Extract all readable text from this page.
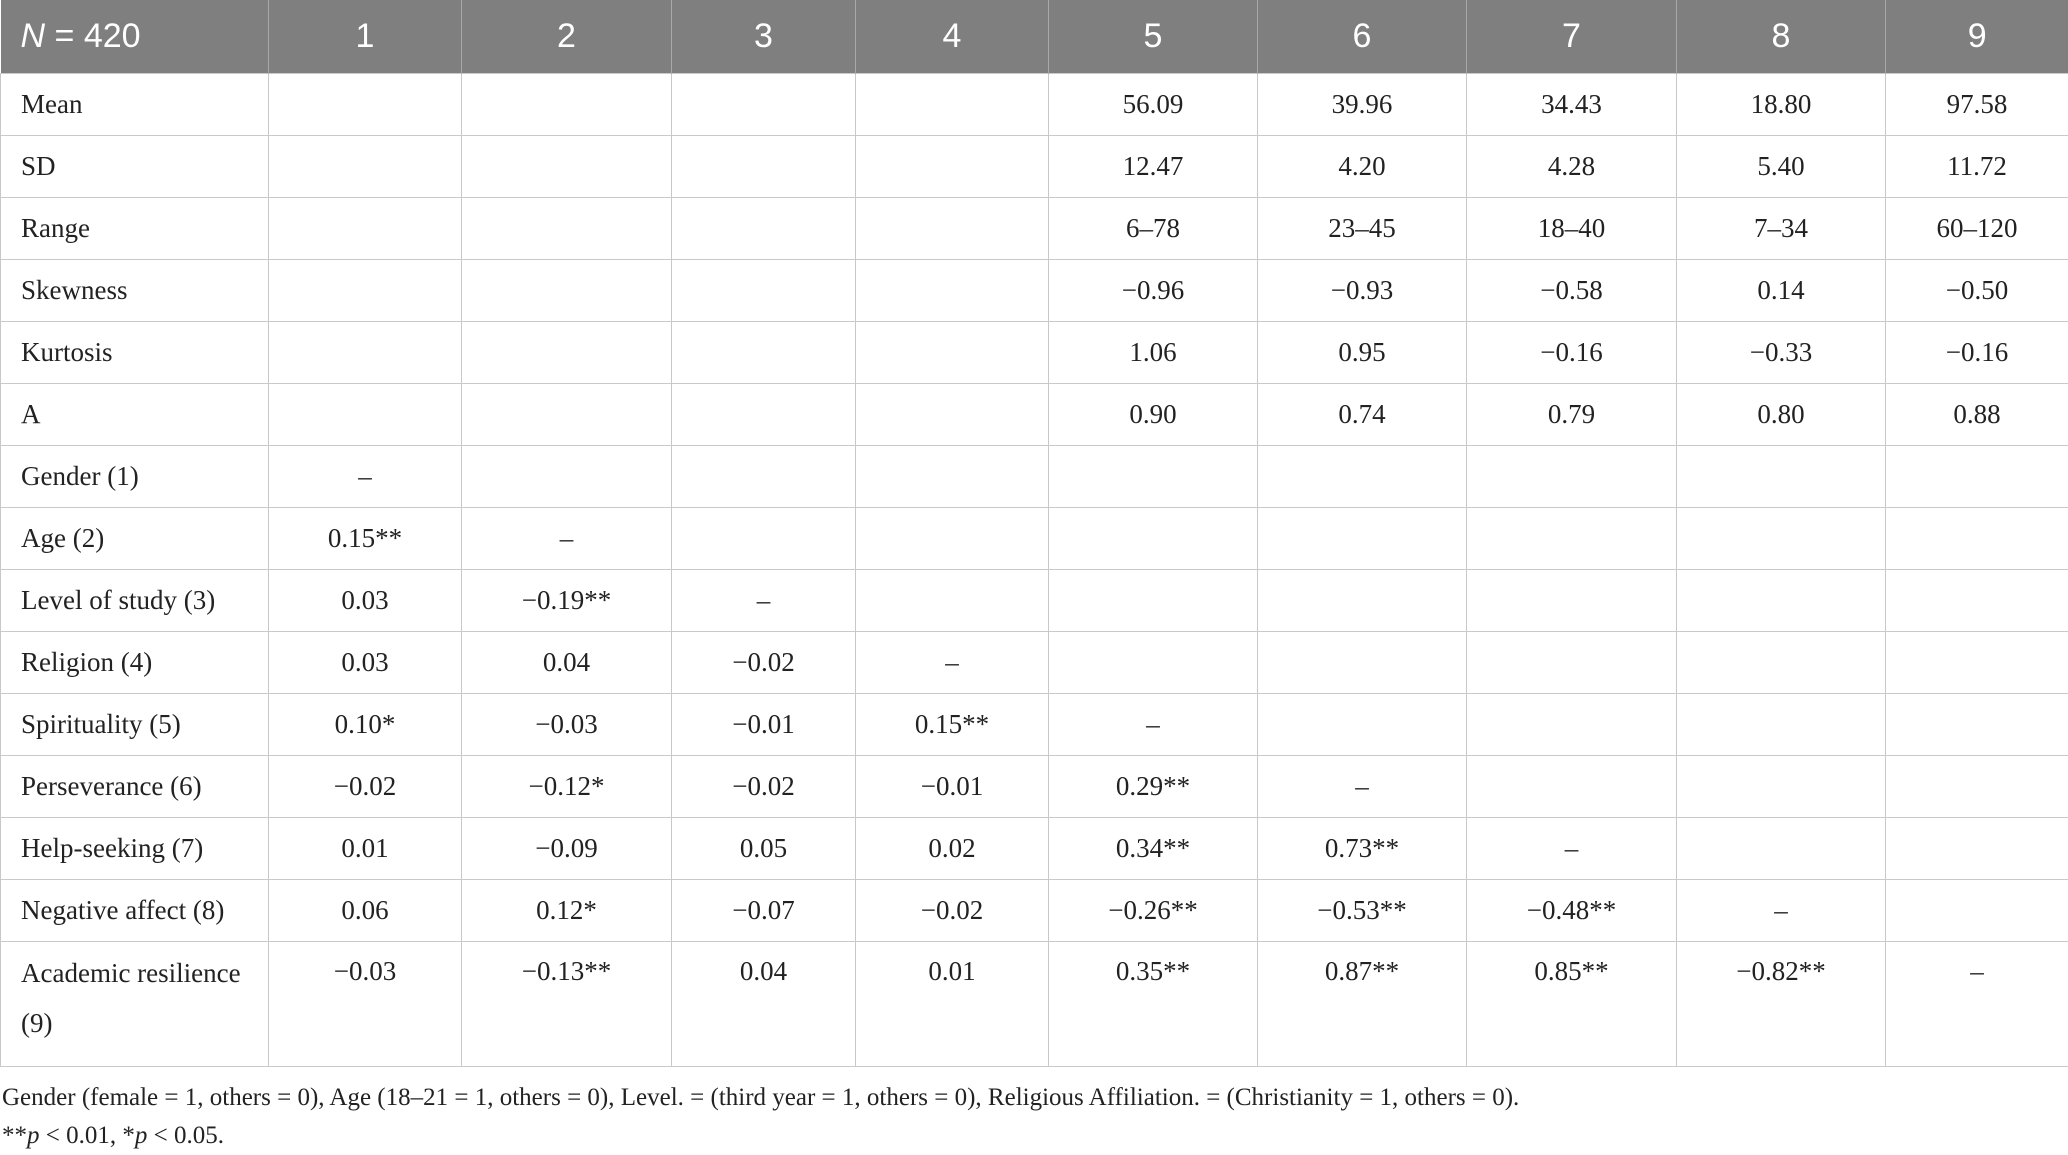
N = 420	1	2	3	4	5	6	7	8	9
Mean					56.09	39.96	34.43	18.80	97.58
SD					12.47	4.20	4.28	5.40	11.72
Range					6–78	23–45	18–40	7–34	60–120
Skewness					−0.96	−0.93	−0.58	0.14	−0.50
Kurtosis					1.06	0.95	−0.16	−0.33	−0.16
Α					0.90	0.74	0.79	0.80	0.88
Gender (1)	–								
Age (2)	0.15**	–							
Level of study (3)	0.03	−0.19**	–						
Religion (4)	0.03	0.04	−0.02	–					
Spirituality (5)	0.10*	−0.03	−0.01	0.15**	–				
Perseverance (6)	−0.02	−0.12*	−0.02	−0.01	0.29**	–			
Help-seeking (7)	0.01	−0.09	0.05	0.02	0.34**	0.73**	–		
Negative affect (8)	0.06	0.12*	−0.07	−0.02	−0.26**	−0.53**	−0.48**	–	
Academic resilience (9)	−0.03	−0.13**	0.04	0.01	0.35**	0.87**	0.85**	−0.82**	–
Gender (female = 1, others = 0), Age (18–21 = 1, others = 0), Level. = (third year = 1, others = 0), Religious Affiliation. = (Christianity = 1, others = 0).
**p < 0.01, *p < 0.05.
